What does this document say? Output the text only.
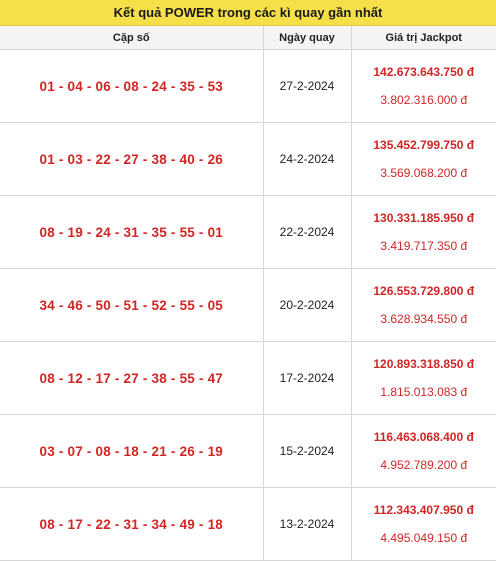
Kết quả POWER trong các kì quay gần nhất
Cặp số	Ngày quay	Giá trị Jackpot
01 - 04 - 06 - 08 - 24 - 35 - 53	27-2-2024	142.673.643.750 đ
3.802.316.000 đ

01 - 03 - 22 - 27 - 38 - 40 - 26	24-2-2024	135.452.799.750 đ
3.569.068.200 đ

08 - 19 - 24 - 31 - 35 - 55 - 01	22-2-2024	130.331.185.950 đ
3.419.717.350 đ

34 - 46 - 50 - 51 - 52 - 55 - 05	20-2-2024	126.553.729.800 đ
3.628.934.550 đ

08 - 12 - 17 - 27 - 38 - 55 - 47	17-2-2024	120.893.318.850 đ
1.815.013.083 đ

03 - 07 - 08 - 18 - 21 - 26 - 19	15-2-2024	116.463.068.400 đ
4.952.789.200 đ

08 - 17 - 22 - 31 - 34 - 49 - 18	13-2-2024	112.343.407.950 đ
4.495.049.150 đ
